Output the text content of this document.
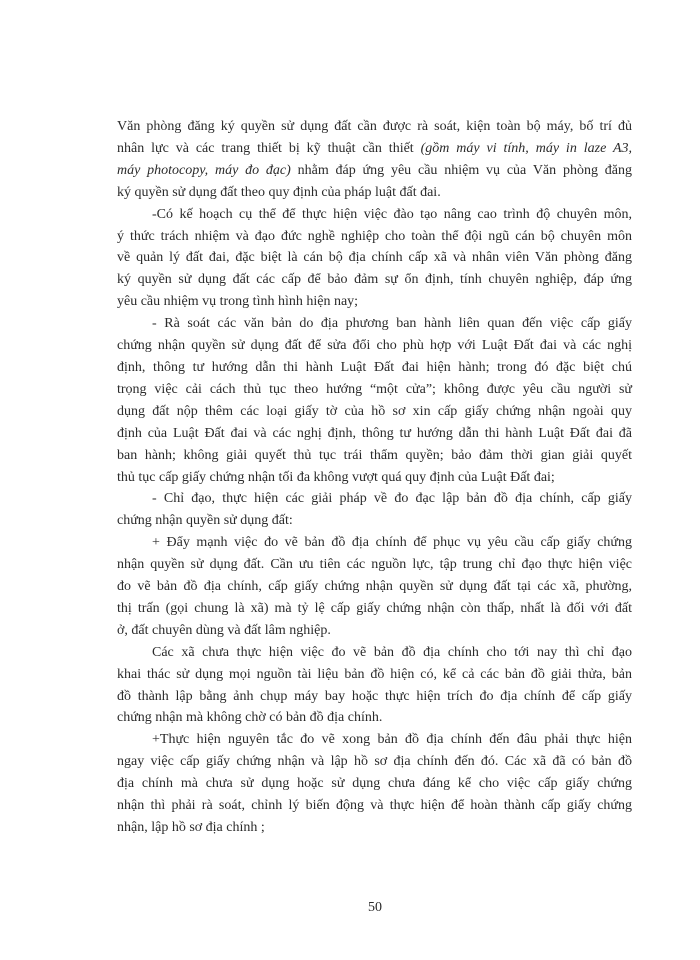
Văn phòng đăng ký quyền sử dụng đất cần được rà soát, kiện toàn bộ máy, bố trí đủ
nhân lực và các trang thiết bị kỹ thuật cần thiết (gồm máy vi tính, máy in laze A3,
máy photocopy, máy đo đạc) nhằm đáp ứng yêu cầu nhiệm vụ của Văn phòng đăng
ký quyền sử dụng đất theo quy định của pháp luật đất đai.
-Có kế hoạch cụ thể để thực hiện việc đào tạo nâng cao trình độ chuyên môn,
ý thức trách nhiệm và đạo đức nghề nghiệp cho toàn thể đội ngũ cán bộ chuyên môn
về quản lý đất đai, đặc biệt là cán bộ địa chính cấp xã và nhân viên Văn phòng đăng
ký quyền sử dụng đất các cấp để bảo đảm sự ổn định, tính chuyên nghiệp, đáp ứng
yêu cầu nhiệm vụ trong tình hình hiện nay;
- Rà soát các văn bản do địa phương ban hành liên quan đến việc cấp giấy
chứng nhận quyền sử dụng đất để sửa đổi cho phù hợp với Luật Đất đai và các nghị
định, thông tư hướng dẫn thi hành Luật Đất đai hiện hành; trong đó đặc biệt chú
trọng việc cải cách thủ tục theo hướng “một cửa”; không được yêu cầu người sử
dụng đất nộp thêm các loại giấy tờ của hồ sơ xin cấp giấy chứng nhận ngoài quy
định của Luật Đất đai và các nghị định, thông tư hướng dẫn thi hành Luật Đất đai đã
ban hành; không giải quyết thủ tục trái thẩm quyền; bảo đảm thời gian giải quyết
thủ tục cấp giấy chứng nhận tối đa không vượt quá quy định của Luật Đất đai;
- Chỉ đạo, thực hiện các giải pháp về đo đạc lập bản đồ địa chính, cấp giấy
chứng nhận quyền sử dụng đất:
+ Đẩy mạnh việc đo vẽ bản đồ địa chính để phục vụ yêu cầu cấp giấy chứng
nhận quyền sử dụng đất. Cần ưu tiên các nguồn lực, tập trung chỉ đạo thực hiện việc
đo vẽ bản đồ địa chính, cấp giấy chứng nhận quyền sử dụng đất tại các xã, phường,
thị trấn (gọi chung là xã) mà tỷ lệ cấp giấy chứng nhận còn thấp, nhất là đối với đất
ở, đất chuyên dùng và đất lâm nghiệp.
Các xã chưa thực hiện việc đo vẽ bản đồ địa chính cho tới nay thì chỉ đạo
khai thác sử dụng mọi nguồn tài liệu bản đồ hiện có, kể cả các bản đồ giải thửa, bản
đồ thành lập bằng ảnh chụp máy bay hoặc thực hiện trích đo địa chính để cấp giấy
chứng nhận mà không chờ có bản đồ địa chính.
+Thực hiện nguyên tắc đo vẽ xong bản đồ địa chính đến đâu phải thực hiện
ngay việc cấp giấy chứng nhận và lập hồ sơ địa chính đến đó. Các xã đã có bản đồ
địa chính mà chưa sử dụng hoặc sử dụng chưa đáng kể cho việc cấp giấy chứng
nhận thì phải rà soát, chỉnh lý biến động và thực hiện để hoàn thành cấp giấy chứng
nhận, lập hồ sơ địa chính ;
50
